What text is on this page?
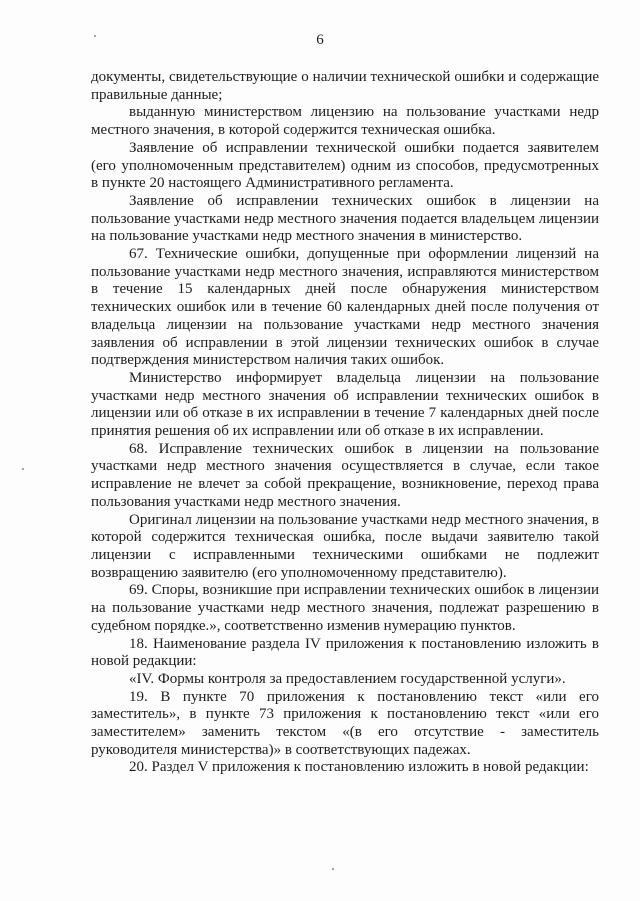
6

документы, свидетельствующие о наличии технической ошибки и содержащие правильные данные;

выданную министерством лицензию на пользование участками недр местного значения, в которой содержится техническая ошибка.

Заявление об исправлении технической ошибки подается заявителем (его уполномоченным представителем) одним из способов, предусмотренных в пункте 20 настоящего Административного регламента.

Заявление об исправлении технических ошибок в лицензии на пользование участками недр местного значения подается владельцем лицензии на пользование участками недр местного значения в министерство.

67. Технические ошибки, допущенные при оформлении лицензий на пользование участками недр местного значения, исправляются министерством в течение 15 календарных дней после обнаружения министерством технических ошибок или в течение 60 календарных дней после получения от владельца лицензии на пользование участками недр местного значения заявления об исправлении в этой лицензии технических ошибок в случае подтверждения министерством наличия таких ошибок.

Министерство информирует владельца лицензии на пользование участками недр местного значения об исправлении технических ошибок в лицензии или об отказе в их исправлении в течение 7 календарных дней после принятия решения об их исправлении или об отказе в их исправлении.

68. Исправление технических ошибок в лицензии на пользование участками недр местного значения осуществляется в случае, если такое исправление не влечет за собой прекращение, возникновение, переход права пользования участками недр местного значения.

Оригинал лицензии на пользование участками недр местного значения, в которой содержится техническая ошибка, после выдачи заявителю такой лицензии с исправленными техническими ошибками не подлежит возвращению заявителю (его уполномоченному представителю).

69. Споры, возникшие при исправлении технических ошибок в лицензии на пользование участками недр местного значения, подлежат разрешению в судебном порядке.», соответственно изменив нумерацию пунктов.

18. Наименование раздела IV приложения к постановлению изложить в новой редакции:

«IV. Формы контроля за предоставлением государственной услуги».

19. В пункте 70 приложения к постановлению текст «или его заместитель», в пункте 73 приложения к постановлению текст «или его заместителем» заменить текстом «(в его отсутствие - заместитель руководителя министерства)» в соответствующих падежах.

20. Раздел V приложения к постановлению изложить в новой редакции:
